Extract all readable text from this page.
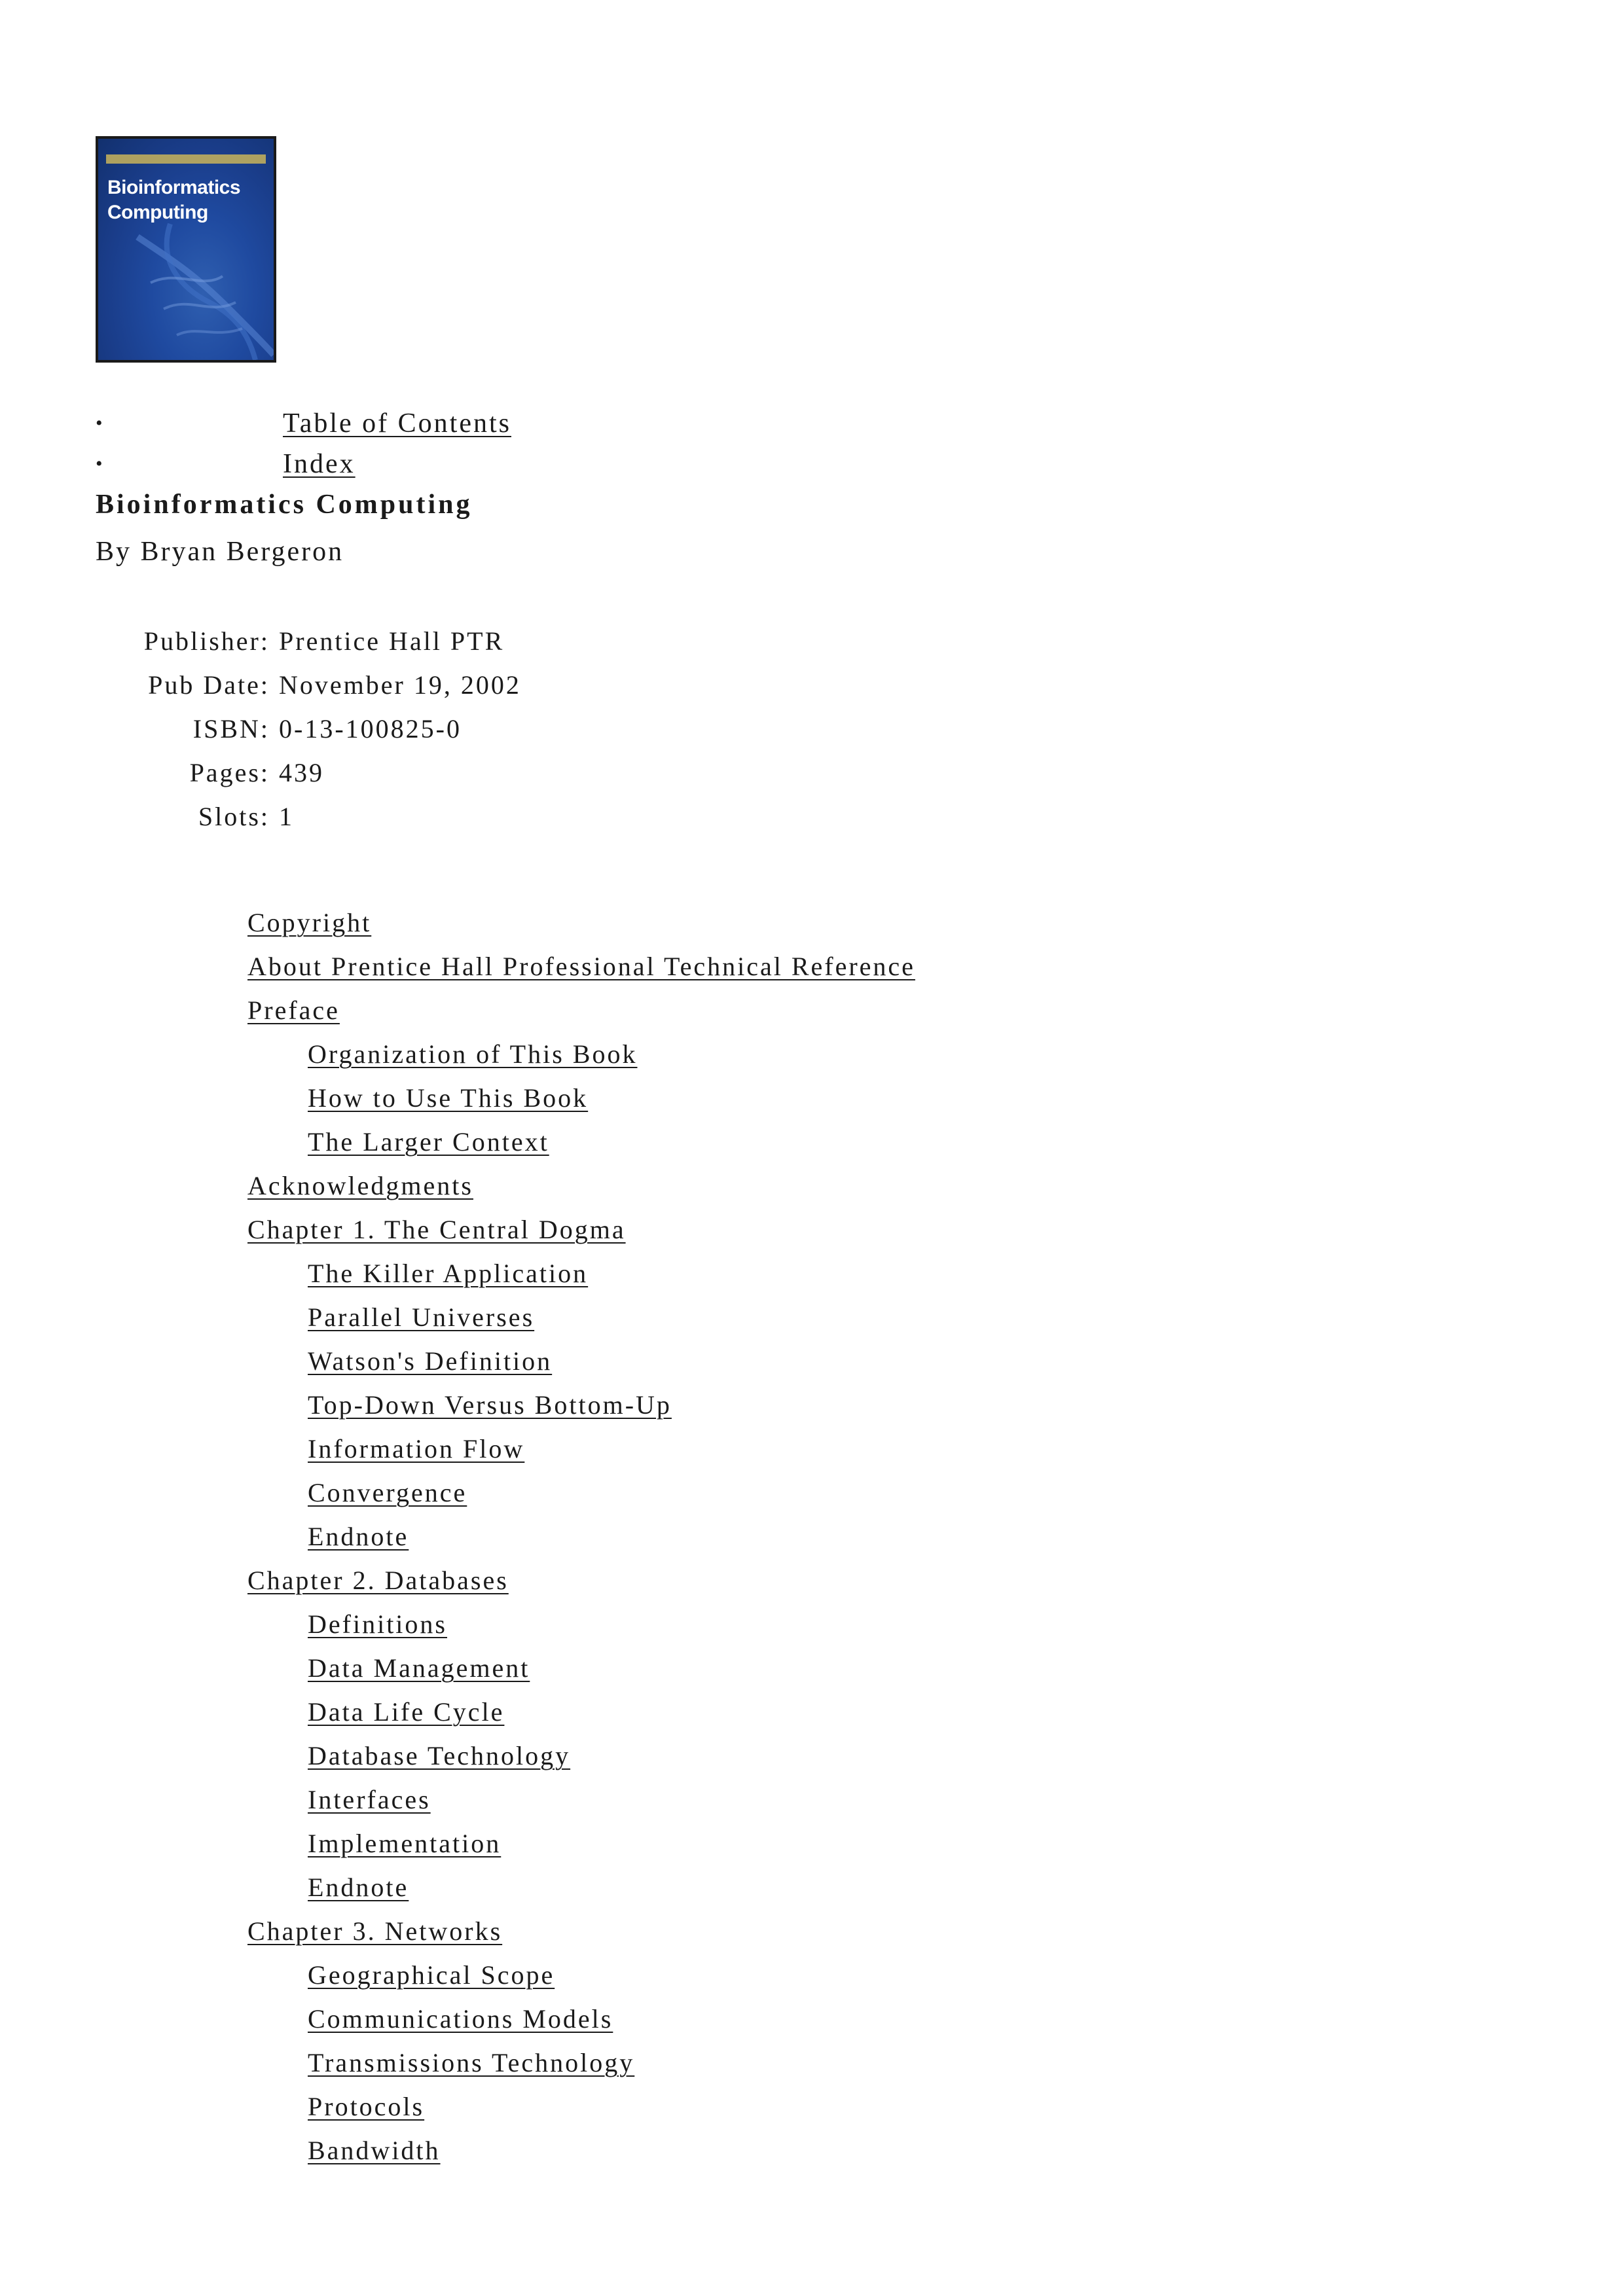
Bioinformatics
Computing
•	Table of Contents
•	Index
Bioinformatics Computing
By Bryan Bergeron
Publisher: Prentice Hall PTR
Pub Date: November 19, 2002
ISBN: 0-13-100825-0
Pages: 439
Slots: 1
Copyright
About Prentice Hall Professional Technical Reference
Preface
Organization of This Book
How to Use This Book
The Larger Context
Acknowledgments
Chapter 1. The Central Dogma
The Killer Application
Parallel Universes
Watson's Definition
Top-Down Versus Bottom-Up
Information Flow
Convergence
Endnote
Chapter 2. Databases
Definitions
Data Management
Data Life Cycle
Database Technology
Interfaces
Implementation
Endnote
Chapter 3. Networks
Geographical Scope
Communications Models
Transmissions Technology
Protocols
Bandwidth
